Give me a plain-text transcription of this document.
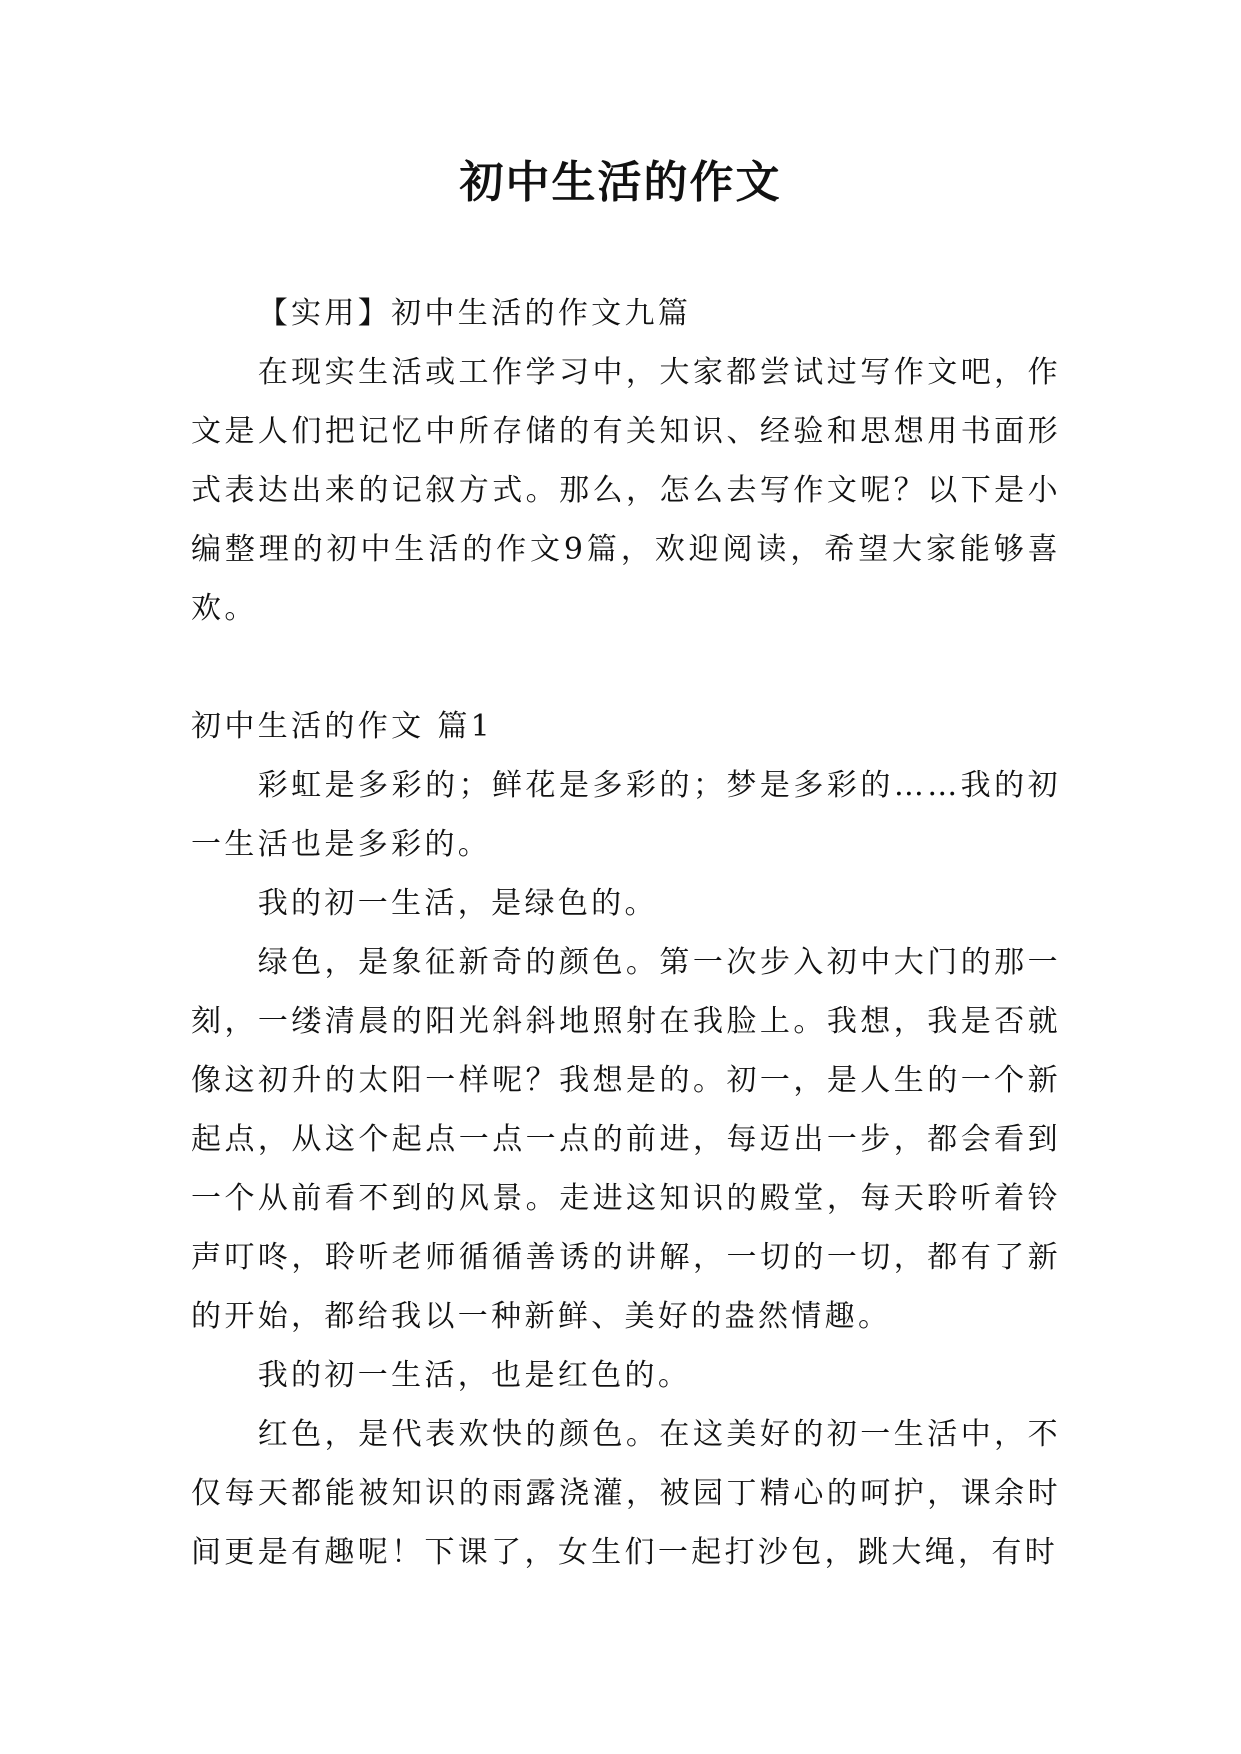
初中生活的作文

【实用】初中生活的作文九篇

在现实生活或工作学习中，大家都尝试过写作文吧，作文是人们把记忆中所存储的有关知识、经验和思想用书面形式表达出来的记叙方式。那么，怎么去写作文呢？以下是小编整理的初中生活的作文9篇，欢迎阅读，希望大家能够喜欢。

初中生活的作文 篇1

彩虹是多彩的；鲜花是多彩的；梦是多彩的……我的初一生活也是多彩的。

我的初一生活，是绿色的。

绿色，是象征新奇的颜色。第一次步入初中大门的那一刻，一缕清晨的阳光斜斜地照射在我脸上。我想，我是否就像这初升的太阳一样呢？我想是的。初一，是人生的一个新起点，从这个起点一点一点的前进，每迈出一步，都会看到一个从前看不到的风景。走进这知识的殿堂，每天聆听着铃声叮咚，聆听老师循循善诱的讲解，一切的一切，都有了新的开始，都给我以一种新鲜、美好的盎然情趣。

我的初一生活，也是红色的。

红色，是代表欢快的颜色。在这美好的初一生活中，不仅每天都能被知识的雨露浇灌，被园丁精心的呵护，课余时间更是有趣呢！下课了，女生们一起打沙包，跳大绳，有时
